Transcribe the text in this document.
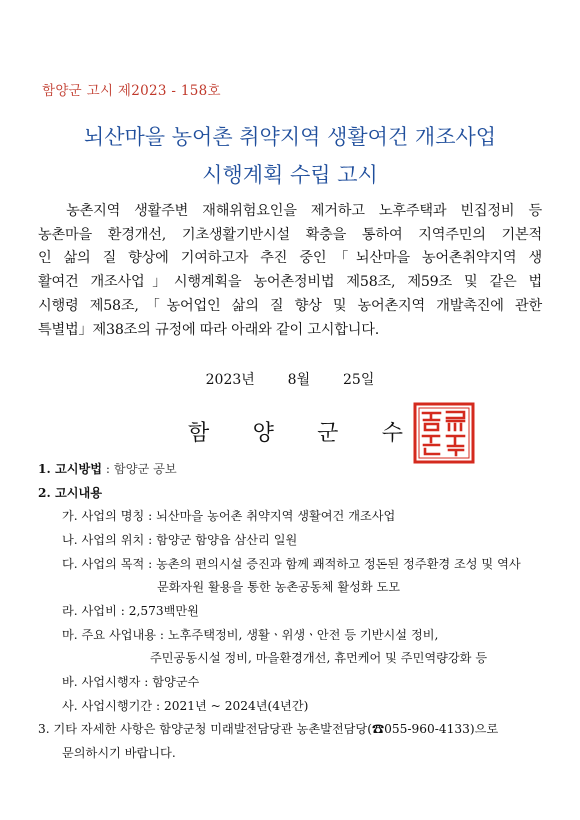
함양군 고시 제2023 - 158호
뇌산마을 농어촌 취약지역 생활여건 개조사업
시행계획 수립 고시
농촌지역 생활주변 재해위험요인을 제거하고 노후주택과 빈집정비 등
농촌마을 환경개선, 기초생활기반시설 확충을 통하여 지역주민의 기본적
인 삶의 질 향상에 기여하고자 추진 중인「뇌산마을 농어촌취약지역 생
활여건 개조사업」시행계획을 농어촌정비법 제58조, 제59조 및 같은 법
시행령 제58조,「농어업인 삶의 질 향상 및 농어촌지역 개발촉진에 관한
특별법」제38조의 규정에 따라 아래와 같이 고시합니다.
2023년  8월  25일
함 양 군 수
1. 고시방법 : 함양군 공보
2. 고시내용
가. 사업의 명칭 : 뇌산마을 농어촌 취약지역 생활여건 개조사업
나. 사업의 위치 : 함양군 함양읍 삼산리 일원
다. 사업의 목적 : 농촌의 편의시설 증진과 함께 쾌적하고 정돈된 정주환경 조성 및 역사
문화자원 활용을 통한 농촌공동체 활성화 도모
라. 사업비 : 2,573백만원
마. 주요 사업내용 : 노후주택정비, 생활ㆍ위생ㆍ안전 등 기반시설 정비,
주민공동시설 정비, 마을환경개선, 휴먼케어 및 주민역량강화 등
바. 사업시행자 : 함양군수
사. 사업시행기간 : 2021년 ~ 2024년(4년간)
3. 기타 자세한 사항은 함양군청 미래발전담당관 농촌발전담당(☎055-960-4133)으로
문의하시기 바랍니다.
